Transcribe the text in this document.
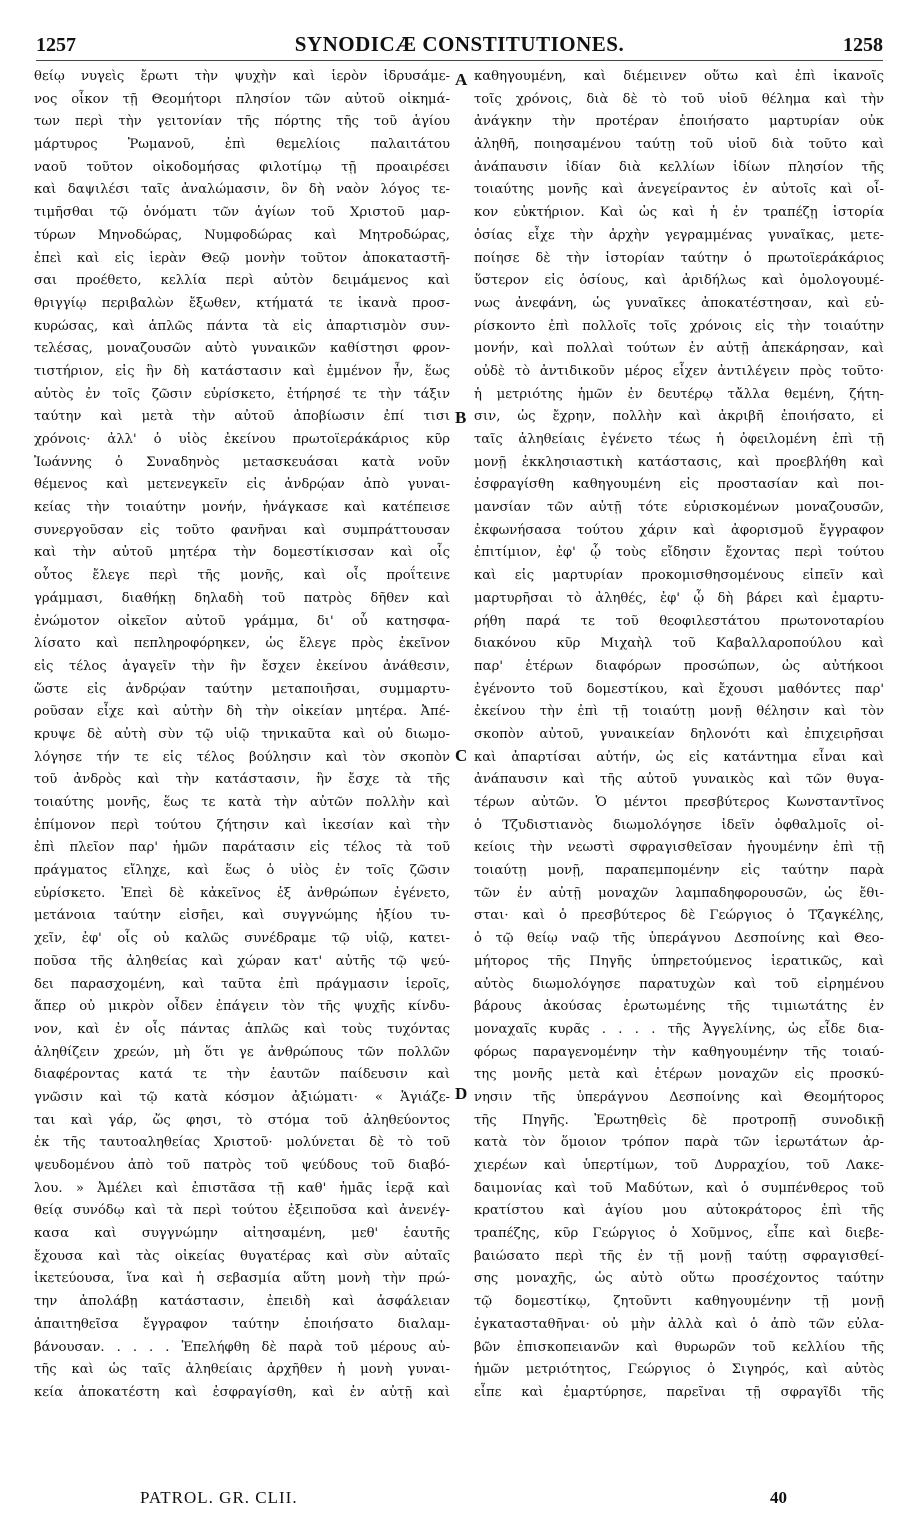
1257	SYNODICÆ CONSTITUTIONES.	1258
θείῳ νυγεὶς ἔρωτι τὴν ψυχὴν καὶ ἱερὸν ἱδρυσάμε-
νος οἶκον τῇ Θεομήτορι πλησίον τῶν αὐτοῦ οἰκημά-
των περὶ τὴν γειτονίαν τῆς πόρτης τῆς τοῦ ἁγίου
μάρτυρος Ῥωμανοῦ, ἐπὶ θεμελίοις παλαιτάτου
ναοῦ τοῦτον οἰκοδομήσας φιλοτίμῳ τῇ προαιρέσει
καὶ δαψιλέσι ταῖς ἀναλώμασιν, ὃν δὴ ναὸν λόγος τε-
τιμῆσθαι τῷ ὀνόματι τῶν ἁγίων τοῦ Χριστοῦ μαρ-
τύρων Μηνοδώρας, Νυμφοδώρας καὶ Μητροδώρας,
ἐπεὶ καὶ εἰς ἱερὰν Θεῷ μονὴν τοῦτον ἀποκαταστῆ-
σαι προέθετο, κελλία περὶ αὐτὸν δειμάμενος καὶ
θριγγίῳ περιβαλὼν ἔξωθεν, κτήματά τε ἱκανὰ προσ-
κυρώσας, καὶ ἁπλῶς πάντα τὰ εἰς ἀπαρτισμὸν συν-
τελέσας, μοναζουσῶν αὐτὸ γυναικῶν καθίστησι φρον-
τιστήριον, εἰς ἣν δὴ κατάστασιν καὶ ἐμμένον ἦν, ἕως
αὐτὸς ἐν τοῖς ζῶσιν εὑρίσκετο, ἐτήρησέ τε τὴν τάξιν
ταύτην καὶ μετὰ τὴν αὐτοῦ ἀποβίωσιν ἐπί τισι
χρόνοις· ἀλλ' ὁ υἱὸς ἐκείνου πρωτοϊεράκάριος κῦρ
Ἰωάννης ὁ Συναδηνὸς μετασκευάσαι κατὰ νοῦν
θέμενος καὶ μετενεγκεῖν εἰς ἀνδρῴαν ἀπὸ γυναι-
κείας τὴν τοιαύτην μονήν, ἠνάγκασε καὶ κατέπεισε
συνεργοῦσαν εἰς τοῦτο φανῆναι καὶ συμπράττουσαν
καὶ τὴν αὐτοῦ μητέρα τὴν δομεστίκισσαν καὶ οἷς
οὗτος ἔλεγε περὶ τῆς μονῆς, καὶ οἷς προΐτεινε
γράμμασι, διαθήκῃ δηλαδὴ τοῦ πατρὸς δῆθεν καὶ
ἐνώμοτον οἰκεῖον αὐτοῦ γράμμα, δι' οὗ κατησφα-
λίσατο καὶ πεπληροφόρηκεν, ὡς ἔλεγε πρὸς ἐκεῖνον
εἰς τέλος ἀγαγεῖν τὴν ἣν ἔσχεν ἐκείνου ἀνάθεσιν,
ὥστε εἰς ἀνδρῴαν ταύτην μεταποιῆσαι, συμμαρτυ-
ροῦσαν εἶχε καὶ αὐτὴν δὴ τὴν οἰκείαν μητέρα. Ἀπέ-
κρυψε δὲ αὐτὴ σὺν τῷ υἱῷ τηνικαῦτα καὶ οὐ διωμο-
λόγησε τήν τε εἰς τέλος βούλησιν καὶ τὸν σκοπὸν
τοῦ ἀνδρὸς καὶ τὴν κατάστασιν, ἣν ἔσχε τὰ τῆς
τοιαύτης μονῆς, ἕως τε κατὰ τὴν αὐτῶν πολλὴν καὶ
ἐπίμονον περὶ τούτου ζήτησιν καὶ ἱκεσίαν καὶ τὴν
ἐπὶ πλεῖον παρ' ἡμῶν παράτασιν εἰς τέλος τὰ τοῦ
πράγματος εἴληχε, καὶ ἕως ὁ υἱὸς ἐν τοῖς ζῶσιν
εὑρίσκετο. Ἐπεὶ δὲ κἀκεῖνος ἐξ ἀνθρώπων ἐγένετο,
μετάνοια ταύτην εἰσῆει, καὶ συγγνώμης ἠξίου τυ-
χεῖν, ἐφ' οἷς οὐ καλῶς συνέδραμε τῷ υἱῷ, κατει-
ποῦσα τῆς ἀληθείας καὶ χώραν κατ' αὐτῆς τῷ ψεύ-
δει παρασχομένη, καὶ ταῦτα ἐπὶ πράγμασιν ἱεροῖς,
ἅπερ οὐ μικρὸν οἶδεν ἐπάγειν τὸν τῆς ψυχῆς κίνδυ-
νον, καὶ ἐν οἷς πάντας ἁπλῶς καὶ τοὺς τυχόντας
ἀληθίζειν χρεών, μὴ ὅτι γε ἀνθρώπους τῶν πολλῶν
διαφέροντας κατά τε τὴν ἑαυτῶν παίδευσιν καὶ
γνῶσιν καὶ τῷ κατὰ κόσμον ἀξιώματι· « Ἁγιάζε-
ται καὶ γάρ, ὥς φησι, τὸ στόμα τοῦ ἀληθεύοντος
ἐκ τῆς ταυτοαληθείας Χριστοῦ· μολύνεται δὲ τὸ τοῦ
ψευδομένου ἀπὸ τοῦ πατρὸς τοῦ ψεύδους τοῦ διαβό-
λου. » Ἀμέλει καὶ ἐπιστᾶσα τῇ καθ' ἡμᾶς ἱερᾷ καὶ
θείᾳ συνόδῳ καὶ τὰ περὶ τούτου ἐξειποῦσα καὶ ἀνενέγ-
κασα καὶ συγγνώμην αἰτησαμένη, μεθ' ἑαυτῆς
ἔχουσα καὶ τὰς οἰκείας θυγατέρας καὶ σὺν αὐταῖς
ἱκετεύουσα, ἵνα καὶ ἡ σεβασμία αὕτη μονὴ τὴν πρώ-
την ἀπολάβῃ κατάστασιν, ἐπειδὴ καὶ ἀσφάλειαν
ἀπαιτηθεῖσα ἔγγραφον ταύτην ἐποιήσατο διαλαμ-
βάνουσαν. . . . . Ἐπελήφθη δὲ παρὰ τοῦ μέρους αὐ-
τῆς καὶ ὡς ταῖς ἀληθείαις ἀρχῆθεν ἡ μονὴ γυναι-
κεία ἀποκατέστη καὶ ἐσφραγίσθη, καὶ ἐν αὐτῇ καὶ
καθηγουμένη, καὶ διέμεινεν οὕτω καὶ ἐπὶ ἱκανοῖς
τοῖς χρόνοις, διὰ δὲ τὸ τοῦ υἱοῦ θέλημα καὶ τὴν
ἀνάγκην τὴν προτέραν ἐποιήσατο μαρτυρίαν οὐκ
ἀληθῆ, ποιησαμένου ταύτῃ τοῦ υἱοῦ διὰ τοῦτο καὶ
ἀνάπαυσιν ἰδίαν διὰ κελλίων ἰδίων πλησίον τῆς
τοιαύτης μονῆς καὶ ἀνεγείραντος ἐν αὐτοῖς καὶ οἶ-
κον εὐκτήριον. Καὶ ὡς καὶ ἡ ἐν τραπέζῃ ἱστορία
ὁσίας εἶχε τὴν ἀρχὴν γεγραμμένας γυναῖκας, μετε-
ποίησε δὲ τὴν ἱστορίαν ταύτην ὁ πρωτοϊεράκάριος
ὕστερον εἰς ὁσίους, καὶ ἀριδήλως καὶ ὁμολογουμέ-
νως ἀνεφάνη, ὡς γυναῖκες ἀποκατέστησαν, καὶ εὑ-
ρίσκοντο ἐπὶ πολλοῖς τοῖς χρόνοις εἰς τὴν τοιαύτην
μονήν, καὶ πολλαὶ τούτων ἐν αὐτῇ ἀπεκάρησαν, καὶ
οὐδὲ τὸ ἀντιδικοῦν μέρος εἶχεν ἀντιλέγειν πρὸς τοῦτο·
ἡ μετριότης ἡμῶν ἐν δευτέρῳ τἄλλα θεμένη, ζήτη-
σιν, ὡς ἔχρην, πολλὴν καὶ ἀκριβῆ ἐποιήσατο, εἰ
ταῖς ἀληθείαις ἐγένετο τέως ἡ ὀφειλομένη ἐπὶ τῇ
μονῇ ἐκκλησιαστικὴ κατάστασις, καὶ προεβλήθη καὶ
ἐσφραγίσθη καθηγουμένη εἰς προστασίαν καὶ ποι-
μανσίαν τῶν αὐτῇ τότε εὑρισκομένων μοναζουσῶν,
ἐκφωνήσασα τούτου χάριν καὶ ἀφορισμοῦ ἔγγραφον
ἐπιτίμιον, ἐφ' ᾧ τοὺς εἴδησιν ἔχοντας περὶ τούτου
καὶ εἰς μαρτυρίαν προκομισθησομένους εἰπεῖν καὶ
μαρτυρῆσαι τὸ ἀληθές, ἐφ' ᾧ δὴ βάρει καὶ ἐμαρτυ-
ρήθη παρά τε τοῦ θεοφιλεστάτου πρωτονοταρίου
διακόνου κῦρ Μιχαὴλ τοῦ Καβαλλαροπούλου καὶ
παρ' ἑτέρων διαφόρων προσώπων, ὡς αὐτήκοοι
ἐγένοντο τοῦ δομεστίκου, καὶ ἔχουσι μαθόντες παρ'
ἐκείνου τὴν ἐπὶ τῇ τοιαύτῃ μονῇ θέλησιν καὶ τὸν
σκοπὸν αὐτοῦ, γυναικείαν δηλονότι καὶ ἐπιχειρῆσαι
καὶ ἀπαρτίσαι αὐτήν, ὡς εἰς κατάντημα εἶναι καὶ
ἀνάπαυσιν καὶ τῆς αὐτοῦ γυναικὸς καὶ τῶν θυγα-
τέρων αὐτῶν. Ὁ μέντοι πρεσβύτερος Κωνσταντῖνος
ὁ Τζυδιστιανὸς διωμολόγησε ἰδεῖν ὀφθαλμοῖς οἰ-
κείοις τὴν νεωστὶ σφραγισθεῖσαν ἡγουμένην ἐπὶ τῇ
τοιαύτῃ μονῇ, παραπεμπομένην εἰς ταύτην παρὰ
τῶν ἐν αὐτῇ μοναχῶν λαμπαδηφορουσῶν, ὡς ἔθι-
σται· καὶ ὁ πρεσβύτερος δὲ Γεώργιος ὁ Τζαγκέλης,
ὁ τῷ θείῳ ναῷ τῆς ὑπεράγνου Δεσποίνης καὶ Θεο-
μήτορος τῆς Πηγῆς ὑπηρετούμενος ἱερατικῶς, καὶ
αὐτὸς διωμολόγησε παρατυχὼν καὶ τοῦ εἰρημένου
βάρους ἀκούσας ἐρωτωμένης τῆς τιμιωτάτης ἐν
μοναχαῖς κυρᾶς . . . . τῆς Ἀγγελίνης, ὡς εἶδε δια-
φόρως παραγενομένην τὴν καθηγουμένην τῆς τοιαύ-
της μονῆς μετὰ καὶ ἑτέρων μοναχῶν εἰς προσκύ-
νησιν τῆς ὑπεράγνου Δεσποίνης καὶ Θεομήτορος
τῆς Πηγῆς. Ἐρωτηθεὶς δὲ προτροπῇ συνοδικῇ
κατὰ τὸν ὅμοιον τρόπον παρὰ τῶν ἱερωτάτων ἀρ-
χιερέων καὶ ὑπερτίμων, τοῦ Δυρραχίου, τοῦ Λακε-
δαιμονίας καὶ τοῦ Μαδύτων, καὶ ὁ συμπένθερος τοῦ
κρατίστου καὶ ἁγίου μου αὐτοκράτορος ἐπὶ τῆς
τραπέζης, κῦρ Γεώργιος ὁ Χοῦμνος, εἶπε καὶ διεβε-
βαιώσατο περὶ τῆς ἐν τῇ μονῇ ταύτῃ σφραγισθεί-
σης μοναχῆς, ὡς αὐτὸ οὕτω προσέχοντος ταύτην
τῷ δομεστίκῳ, ζητοῦντι καθηγουμένην τῇ μονῇ
ἐγκατασταθῆναι· οὐ μὴν ἀλλὰ καὶ ὁ ἀπὸ τῶν εὐλα-
βῶν ἐπισκοπειανῶν καὶ θυρωρῶν τοῦ κελλίου τῆς
ἡμῶν μετριότητος, Γεώργιος ὁ Σιγηρός, καὶ αὐτὸς
εἶπε καὶ ἐμαρτύρησε, παρεῖναι τῇ σφραγῖδι τῆς
A
B
C
D
PATROL. GR. CLII.	40
